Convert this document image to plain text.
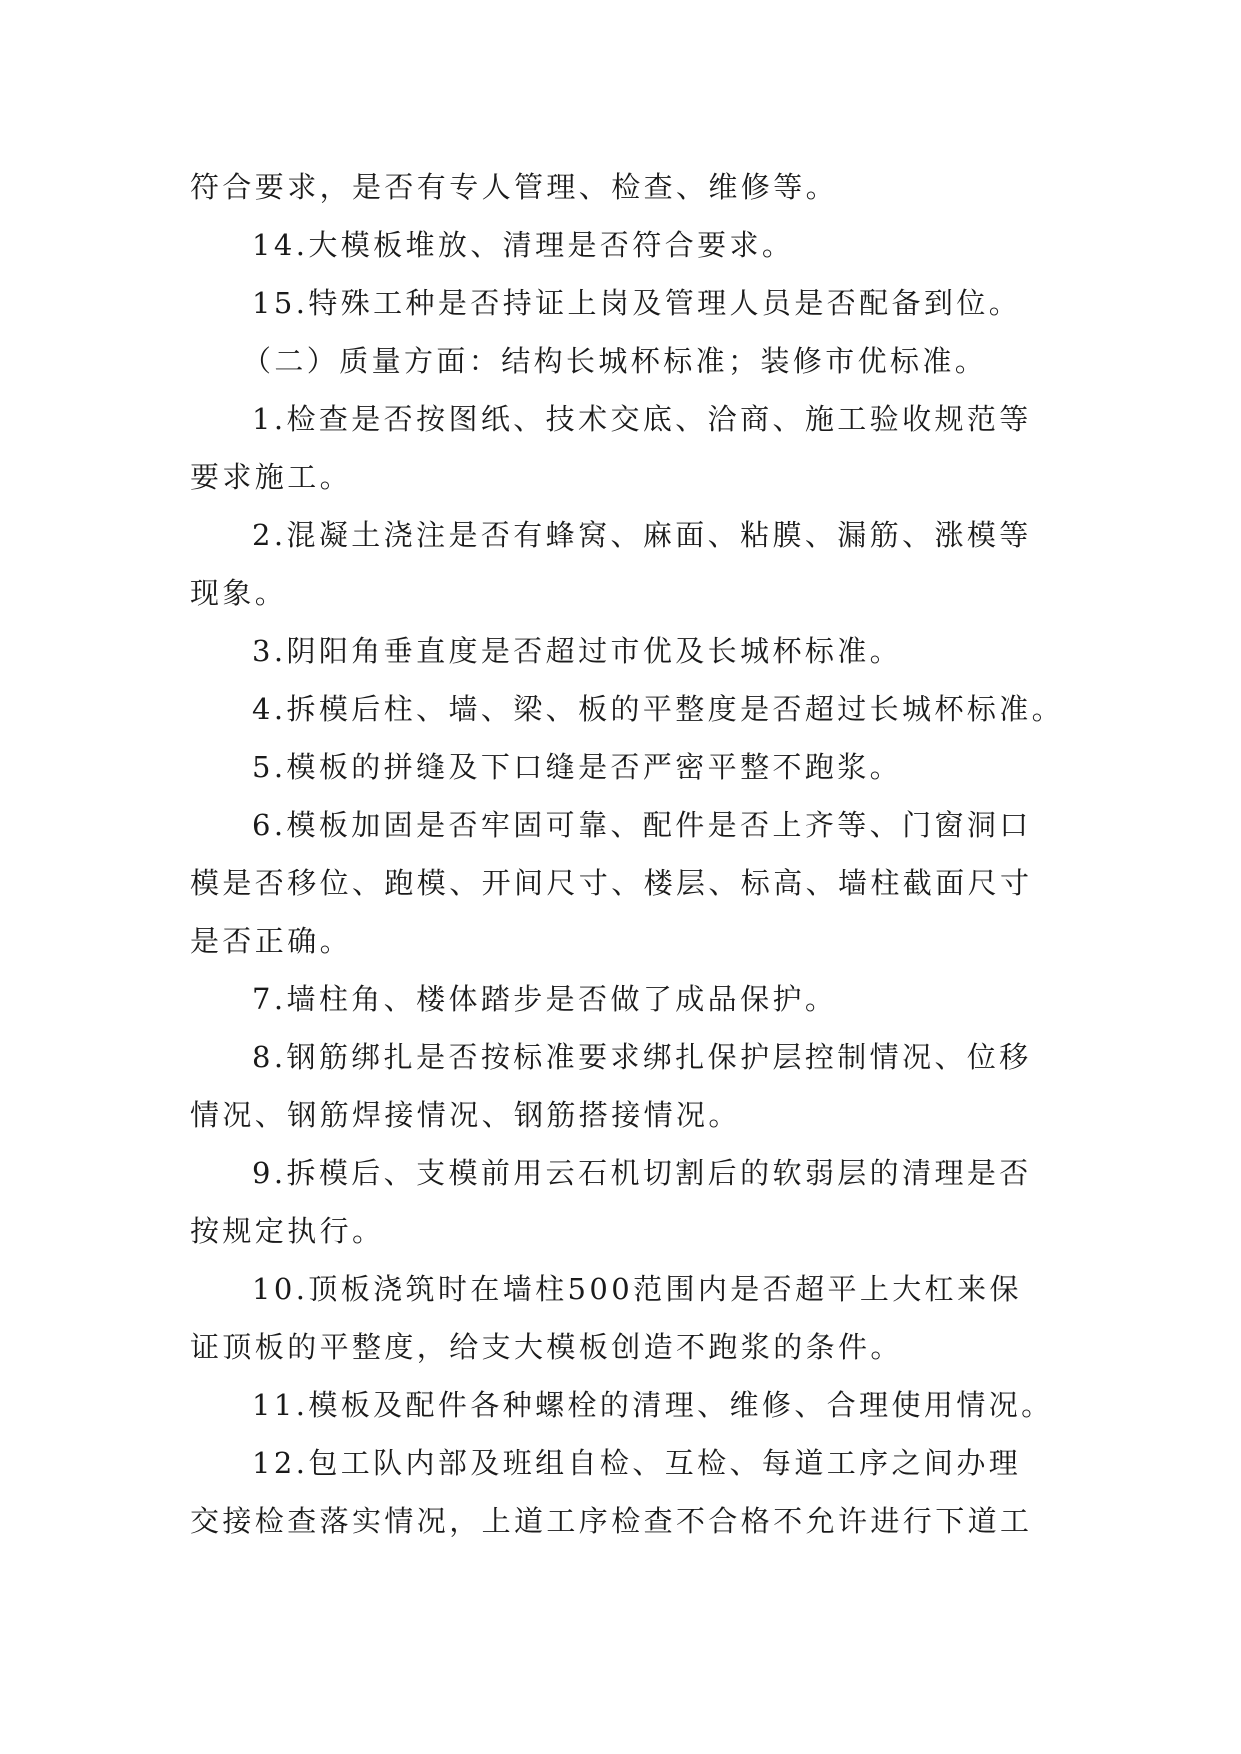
符合要求，是否有专人管理、检查、维修等。
14.大模板堆放、清理是否符合要求。
15.特殊工种是否持证上岗及管理人员是否配备到位。
（二）质量方面：结构长城杯标准；装修市优标准。
1.检查是否按图纸、技术交底、洽商、施工验收规范等
要求施工。
2.混凝土浇注是否有蜂窝、麻面、粘膜、漏筋、涨模等
现象。
3.阴阳角垂直度是否超过市优及长城杯标准。
4.拆模后柱、墙、梁、板的平整度是否超过长城杯标准。
5.模板的拼缝及下口缝是否严密平整不跑浆。
6.模板加固是否牢固可靠、配件是否上齐等、门窗洞口
模是否移位、跑模、开间尺寸、楼层、标高、墙柱截面尺寸
是否正确。
7.墙柱角、楼体踏步是否做了成品保护。
8.钢筋绑扎是否按标准要求绑扎保护层控制情况、位移
情况、钢筋焊接情况、钢筋搭接情况。
9.拆模后、支模前用云石机切割后的软弱层的清理是否
按规定执行。
10.顶板浇筑时在墙柱500范围内是否超平上大杠来保
证顶板的平整度，给支大模板创造不跑浆的条件。
11.模板及配件各种螺栓的清理、维修、合理使用情况。
12.包工队内部及班组自检、互检、每道工序之间办理
交接检查落实情况，上道工序检查不合格不允许进行下道工
